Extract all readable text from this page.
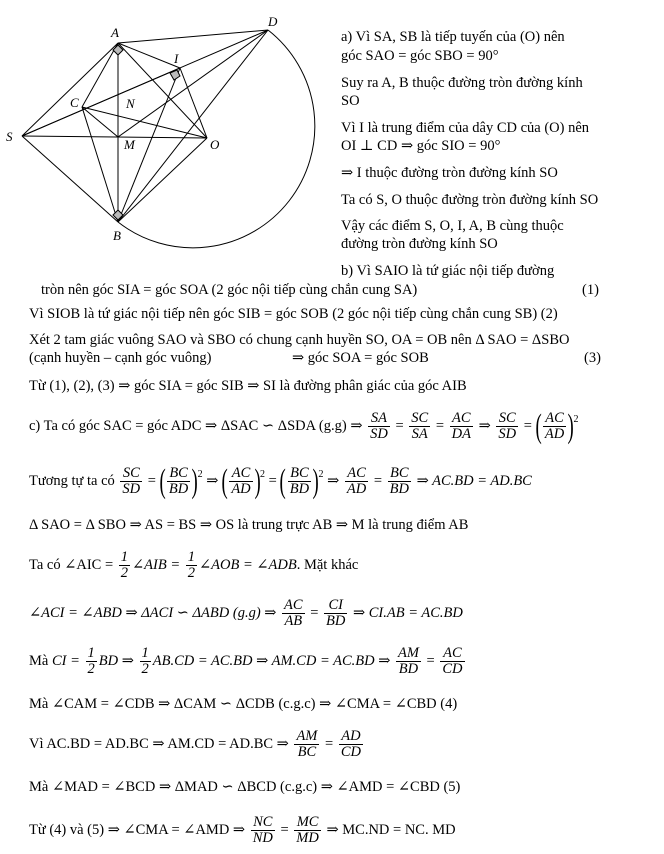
A
D
I
C	N
S
M	O
B
a) Vì SA, SB là tiếp tuyến của (O) nên
góc SAO = góc SBO = 90°
Suy ra A, B thuộc đường tròn đường kính
SO
Vì I là trung điểm của dây CD của (O) nên
OI ⊥ CD ⇒ góc SIO = 90°
⇒ I thuộc đường tròn đường kính SO
Ta có S, O thuộc đường tròn đường kính SO
Vậy các điểm S, O, I, A, B cùng thuộc
đường tròn đường kính SO
b) Vì SAIO là tứ giác nội tiếp đường
tròn nên góc SIA = góc SOA (2 góc nội tiếp cùng chắn cung SA)	(1)
Vì SIOB là tứ giác nội tiếp nên góc SIB = góc SOB (2 góc nội tiếp cùng chắn cung SB) (2)
Xét 2 tam giác vuông SAO và SBO có chung cạnh huyền SO, OA = OB nên Δ SAO = ΔSBO
(cạnh huyền – cạnh góc vuông)	⇒ góc SOA = góc SOB	(3)
Từ (1), (2), (3) ⇒ góc SIA = góc SIB ⇒ SI là đường phân giác của góc AIB
c) Ta có góc SAC = góc ADC ⇒ ΔSAC ∽ ΔSDA (g.g) ⇒ $\frac{SA}{SD} = \frac{SC}{SA} = \frac{AC}{DA}$ ⇒ $\frac{SC}{SD}$ = ( $\frac{AC}{AD} )^2$
Tương tự ta có $\frac{SC}{SD}$ = ( $\frac{BC}{BD} )^2$ ⇒ ( $\frac{AC}{AD} )^2$ = ( $\frac{BC}{BD} )^2$ ⇒ $\frac{AC}{AD} = \frac{BC}{BD}$ ⇒ AC.BD = AD.BC
Δ SAO = Δ SBO ⇒ AS = BS ⇒ OS là trung trực AB ⇒ M là trung điểm AB
Ta có ∠AIC = $\frac{1}{2}$ ∠AIB = $\frac{1}{2}$ ∠AOB = ∠ADB. Mặt khác
∠ACI = ∠ABD ⇒ ΔACI ∽ ΔABD (g.g) ⇒ $\frac{AC}{AB} = \frac{CI}{BD}$ ⇒ CI.AB = AC.BD
Mà CI = $\frac{1}{2}$ BD ⇒ $\frac{1}{2} AB.CD = AC.BD$ ⇒ AM.CD = AC.BD ⇒ $\frac{AM}{BD} = \frac{AC}{CD}$
Mà ∠CAM = ∠CDB ⇒ ΔCAM ∽ ΔCDB (c.g.c) ⇒ ∠CMA = ∠CBD (4)
Vì AC.BD = AD.BC ⇒ AM.CD = AD.BC ⇒ $\frac{AM}{BC} = \frac{AD}{CD}$
Mà ∠MAD = ∠BCD ⇒ ΔMAD ∽ ΔBCD (c.g.c) ⇒ ∠AMD = ∠CBD (5)
Từ (4) và (5) ⇒ ∠CMA = ∠AMD ⇒ $\frac{NC}{ND} = \frac{MC}{MD}$ ⇒ MC.ND = NC. MD
